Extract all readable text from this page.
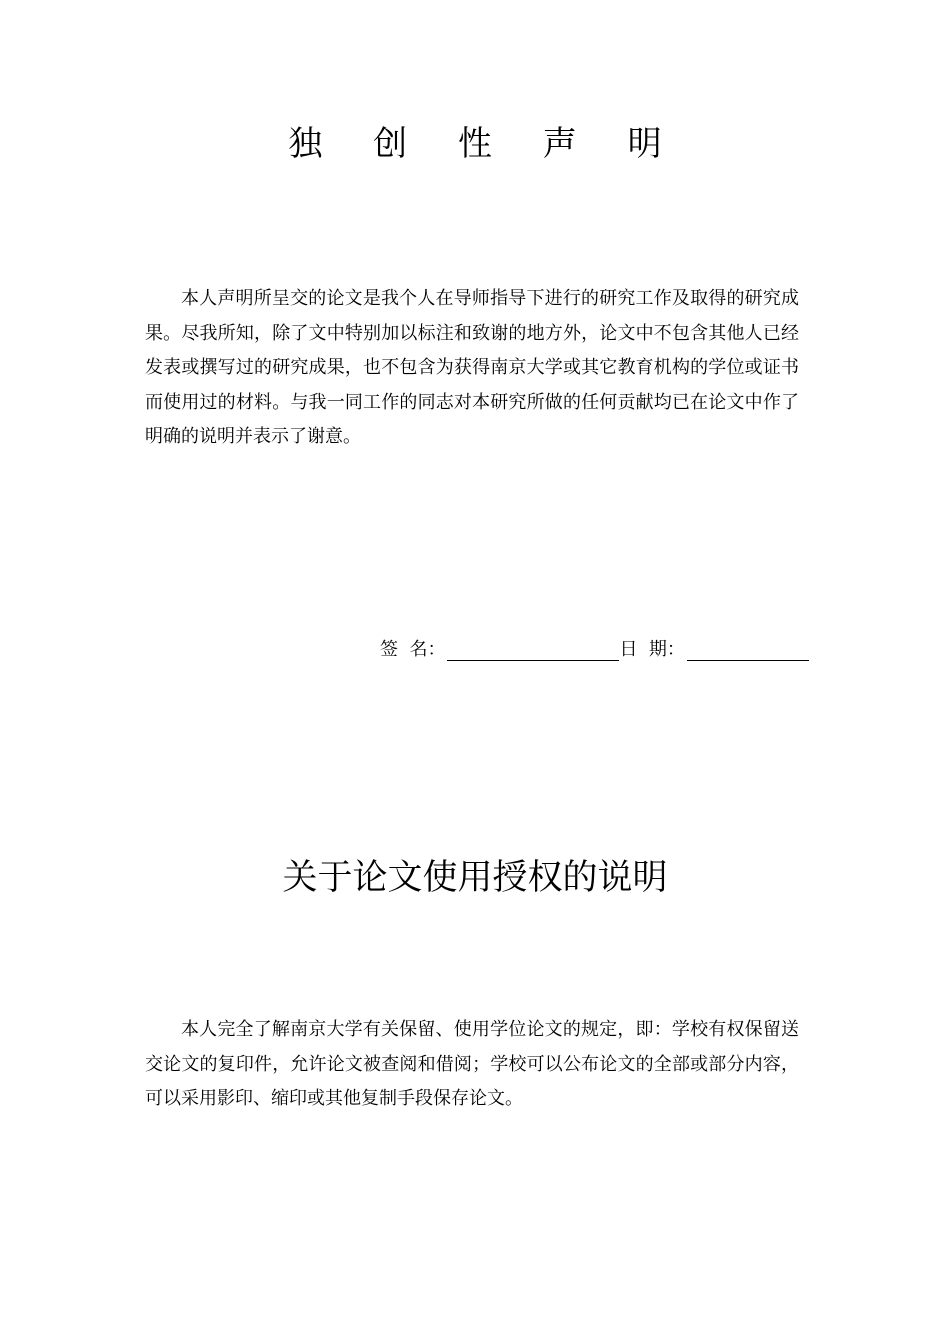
独 创 性 声 明
本人声明所呈交的论文是我个人在导师指导下进行的研究工作及取得的研究成果。尽我所知，除了文中特别加以标注和致谢的地方外，论文中不包含其他人已经发表或撰写过的研究成果，也不包含为获得南京大学或其它教育机构的学位或证书而使用过的材料。与我一同工作的同志对本研究所做的任何贡献均已在论文中作了明确的说明并表示了谢意。
签  名：	日  期：
关于论文使用授权的说明
本人完全了解南京大学有关保留、使用学位论文的规定，即：学校有权保留送交论文的复印件，允许论文被查阅和借阅；学校可以公布论文的全部或部分内容，可以采用影印、缩印或其他复制手段保存论文。
